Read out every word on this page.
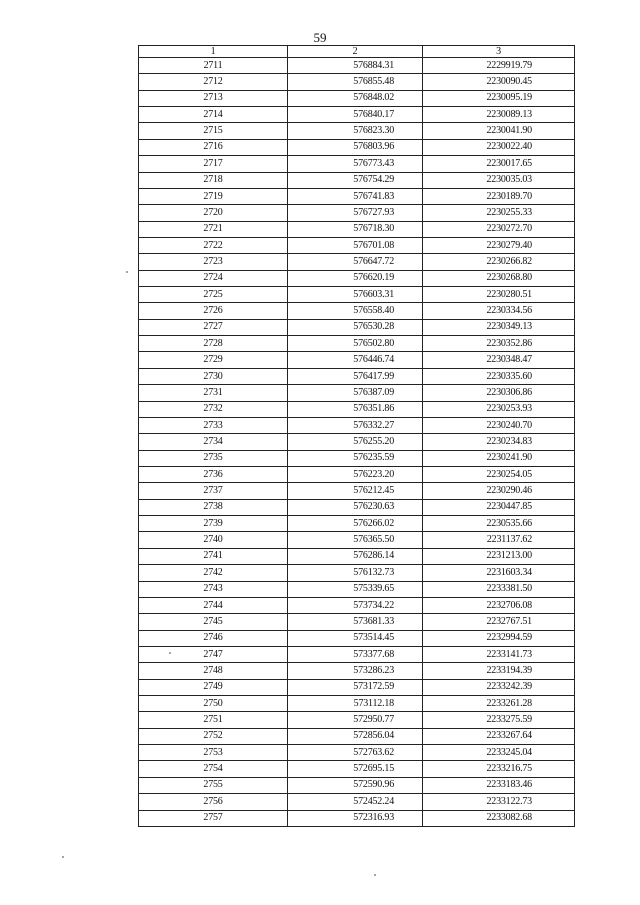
59
1	2	3
2711	576884.31	2229919.79
2712	576855.48	2230090.45
2713	576848.02	2230095.19
2714	576840.17	2230089.13
2715	576823.30	2230041.90
2716	576803.96	2230022.40
2717	576773.43	2230017.65
2718	576754.29	2230035.03
2719	576741.83	2230189.70
2720	576727.93	2230255.33
2721	576718.30	2230272.70
2722	576701.08	2230279.40
2723	576647.72	2230266.82
2724	576620.19	2230268.80
2725	576603.31	2230280.51
2726	576558.40	2230334.56
2727	576530.28	2230349.13
2728	576502.80	2230352.86
2729	576446.74	2230348.47
2730	576417.99	2230335.60
2731	576387.09	2230306.86
2732	576351.86	2230253.93
2733	576332.27	2230240.70
2734	576255.20	2230234.83
2735	576235.59	2230241.90
2736	576223.20	2230254.05
2737	576212.45	2230290.46
2738	576230.63	2230447.85
2739	576266.02	2230535.66
2740	576365.50	2231137.62
2741	576286.14	2231213.00
2742	576132.73	2231603.34
2743	575339.65	2233381.50
2744	573734.22	2232706.08
2745	573681.33	2232767.51
2746	573514.45	2232994.59
2747	573377.68	2233141.73
2748	573286.23	2233194.39
2749	573172.59	2233242.39
2750	573112.18	2233261.28
2751	572950.77	2233275.59
2752	572856.04	2233267.64
2753	572763.62	2233245.04
2754	572695.15	2233216.75
2755	572590.96	2233183.46
2756	572452.24	2233122.73
2757	572316.93	2233082.68
